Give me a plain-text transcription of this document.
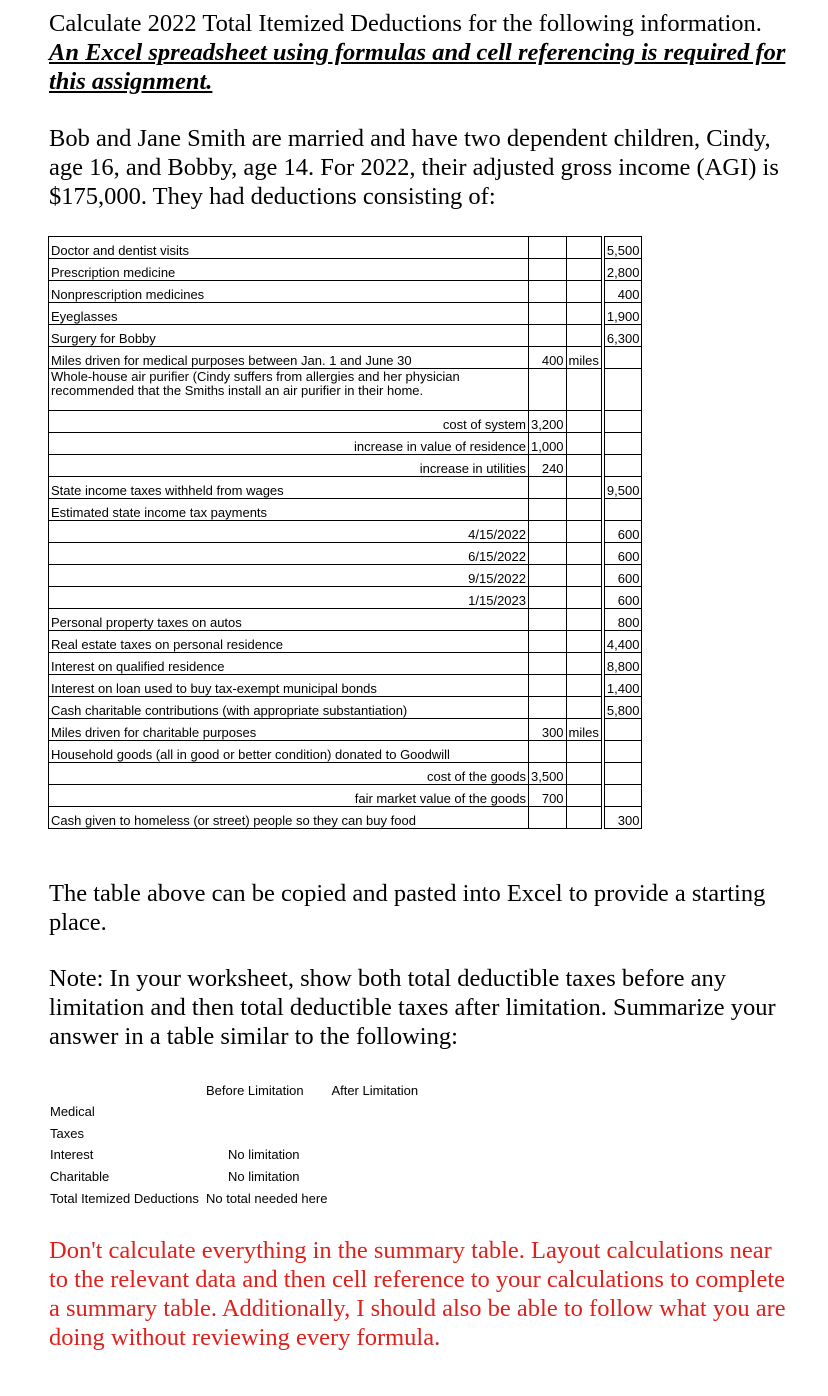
Calculate 2022 Total Itemized Deductions for the following information.
An Excel spreadsheet using formulas and cell referencing is required for this assignment.

Bob and Jane Smith are married and have two dependent children, Cindy, age 16, and Bobby, age 14. For 2022, their adjusted gross income (AGI) is $175,000. They had deductions consisting of:

Doctor and dentist visits				5,500
Prescription medicine				2,800
Nonprescription medicines				400
Eyeglasses				1,900
Surgery for Bobby				6,300
Miles driven for medical purposes between Jan. 1 and June 30	400	miles		
Whole-house air purifier (Cindy suffers from allergies and her physician recommended that the Smiths install an air purifier in their home.				
cost of system	3,200			
increase in value of residence	1,000			
increase in utilities	240			
State income taxes withheld from wages				9,500
Estimated state income tax payments				
4/15/2022				600
6/15/2022				600
9/15/2022				600
1/15/2023				600
Personal property taxes on autos				800
Real estate taxes on personal residence				4,400
Interest on qualified residence				8,800
Interest on loan used to buy tax-exempt municipal bonds				1,400
Cash charitable contributions (with appropriate substantiation)				5,800
Miles driven for charitable purposes	300	miles		
Household goods (all in good or better condition) donated to Goodwill				
cost of the goods	3,500			
fair market value of the goods	700			
Cash given to homeless (or street) people so they can buy food				300

The table above can be copied and pasted into Excel to provide a starting place.

Note: In your worksheet, show both total deductible taxes before any limitation and then total deductible taxes after limitation. Summarize your answer in a table similar to the following:

	Before Limitation	After Limitation
Medical		
Taxes		
Interest	No limitation	
Charitable	No limitation	
Total Itemized Deductions	No total needed here	

Don't calculate everything in the summary table. Layout calculations near to the relevant data and then cell reference to your calculations to complete a summary table. Additionally, I should also be able to follow what you are doing without reviewing every formula.
